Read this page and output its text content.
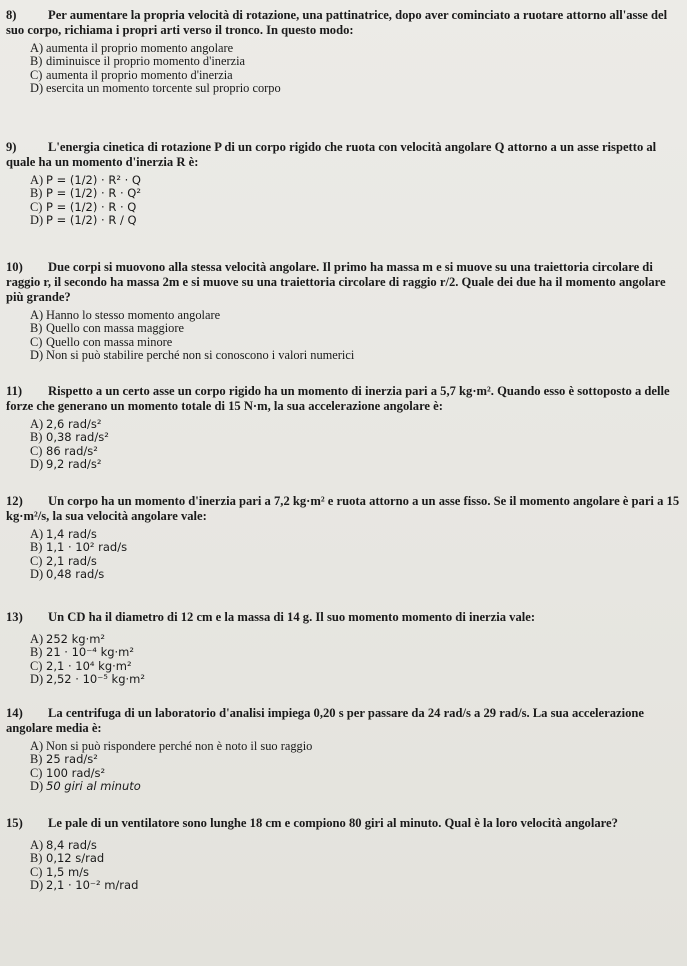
8)	Per aumentare la propria velocità di rotazione, una pattinatrice, dopo aver cominciato a ruotare attorno all'asse del suo corpo, richiama i propri arti verso il tronco. In questo modo:

A) aumenta il proprio momento angolare
B) diminuisce il proprio momento d'inerzia
C) aumenta il proprio momento d'inerzia
D) esercita un momento torcente sul proprio corpo

9)	L'energia cinetica di rotazione P di un corpo rigido che ruota con velocità angolare Q attorno a un asse rispetto al quale ha un momento d'inerzia R è:

A) P = (1/2) · R² · Q
B) P = (1/2) · R · Q²
C) P = (1/2) · R · Q
D) P = (1/2) · R / Q

10) Due corpi si muovono alla stessa velocità angolare. Il primo ha massa m e si muove su una traiettoria circolare di raggio r, il secondo ha massa 2m e si muove su una traiettoria circolare di raggio r/2. Quale dei due ha il momento angolare più grande?

A) Hanno lo stesso momento angolare
B) Quello con massa maggiore
C) Quello con massa minore
D) Non si può stabilire perché non si conoscono i valori numerici

11) Rispetto a un certo asse un corpo rigido ha un momento di inerzia pari a 5,7 kg·m². Quando esso è sottoposto a delle forze che generano un momento totale di 15 N·m, la sua accelerazione angolare è:

A) 2,6 rad/s²
B) 0,38 rad/s²
C) 86 rad/s²
D) 9,2 rad/s²

12) Un corpo ha un momento d'inerzia pari a 7,2 kg·m² e ruota attorno a un asse fisso. Se il momento angolare è pari a 15 kg·m²/s, la sua velocità angolare vale:

A) 1,4 rad/s
B) 1,1 · 10² rad/s
C) 2,1 rad/s
D) 0,48 rad/s

13) Un CD ha il diametro di 12 cm e la massa di 14 g. Il suo momento momento di inerzia vale:

A) 252 kg·m²
B) 21 · 10⁻⁴ kg·m²
C) 2,1 · 10⁴ kg·m²
D) 2,52 · 10⁻⁵ kg·m²

14) La centrifuga di un laboratorio d'analisi impiega 0,20 s per passare da 24 rad/s a 29 rad/s. La sua accelerazione angolare media è:

A) Non si può rispondere perché non è noto il suo raggio
B) 25 rad/s²
C) 100 rad/s²
D) 50 giri al minuto

15) Le pale di un ventilatore sono lunghe 18 cm e compiono 80 giri al minuto. Qual è la loro velocità angolare?

A) 8,4 rad/s
B) 0,12 s/rad
C) 1,5 m/s
D) 2,1 · 10⁻² m/rad
